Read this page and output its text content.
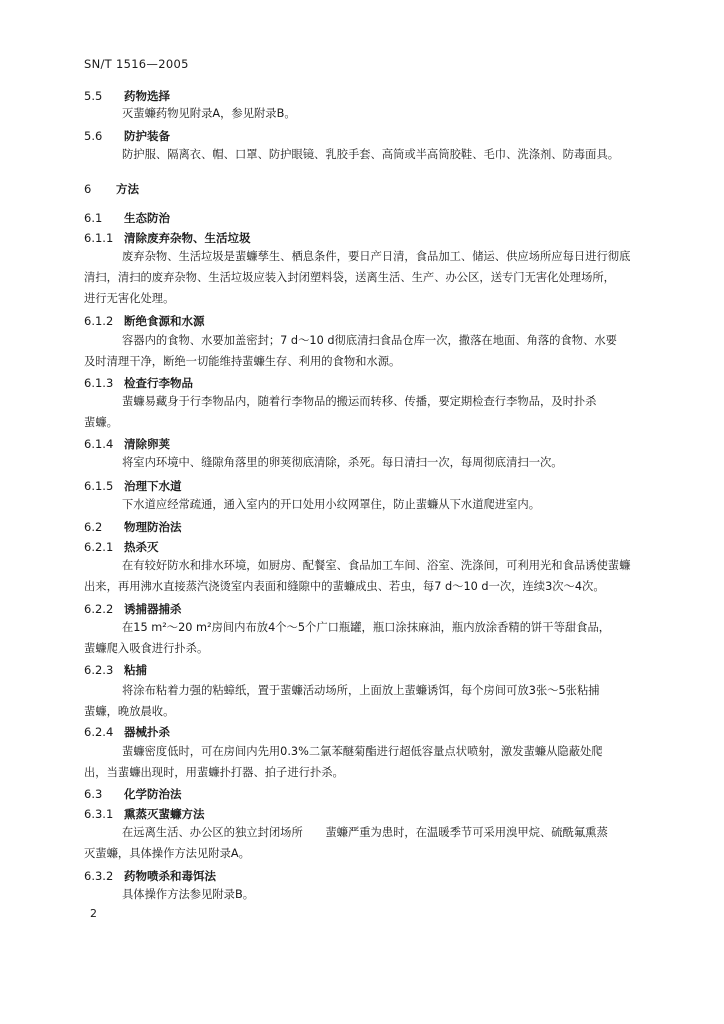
SN/T 1516—2005
5.5 药物选择
灭蜚蠊药物见附录A，参见附录B。
5.6 防护装备
防护服、隔离衣、帽、口罩、防护眼镜、乳胶手套、高筒或半高筒胶鞋、毛巾、洗涤剂、防毒面具。
6 方法
6.1 生态防治
6.1.1 清除废弃杂物、生活垃圾
废弃杂物、生活垃圾是蜚蠊孳生、栖息条件，要日产日清，食品加工、储运、供应场所应每日进行彻底
清扫，清扫的废弃杂物、生活垃圾应装入封闭塑料袋，送离生活、生产、办公区，送专门无害化处理场所，
进行无害化处理。
6.1.2 断绝食源和水源
容器内的食物、水要加盖密封；7 d～10 d彻底清扫食品仓库一次，撒落在地面、角落的食物、水要
及时清理干净，断绝一切能维持蜚蠊生存、利用的食物和水源。
6.1.3 检查行李物品
蜚蠊易藏身于行李物品内，随着行李物品的搬运而转移、传播，要定期检查行李物品，及时扑杀
蜚蠊。
6.1.4 清除卵荚
将室内环境中、缝隙角落里的卵荚彻底清除，杀死。每日清扫一次，每周彻底清扫一次。
6.1.5 治理下水道
下水道应经常疏通，通入室内的开口处用小纹网罩住，防止蜚蠊从下水道爬进室内。
6.2 物理防治法
6.2.1 热杀灭
在有较好防水和排水环境，如厨房、配餐室、食品加工车间、浴室、洗涤间，可利用光和食品诱使蜚蠊
出来，再用沸水直接蒸汽浇烫室内表面和缝隙中的蜚蠊成虫、若虫，每7 d～10 d一次，连续3次～4次。
6.2.2 诱捕器捕杀
在15 m²～20 m²房间内布放4个～5个广口瓶罐，瓶口涂抹麻油，瓶内放涂香精的饼干等甜食品，
蜚蠊爬入吸食进行扑杀。
6.2.3 粘捕
将涂布粘着力强的粘蟑纸，置于蜚蠊活动场所，上面放上蜚蠊诱饵，每个房间可放3张～5张粘捕
蜚蠊，晚放晨收。
6.2.4 器械扑杀
蜚蠊密度低时，可在房间内先用0.3%二氯苯醚菊酯进行超低容量点状喷射，激发蜚蠊从隐蔽处爬
出，当蜚蠊出现时，用蜚蠊扑打器、拍子进行扑杀。
6.3 化学防治法
6.3.1 熏蒸灭蜚蠊方法
在远离生活、办公区的独立封闭场所　　蜚蠊严重为患时，在温暖季节可采用溴甲烷、硫酰氟熏蒸
灭蜚蠊，具体操作方法见附录A。
6.3.2 药物喷杀和毒饵法
具体操作方法参见附录B。
2
